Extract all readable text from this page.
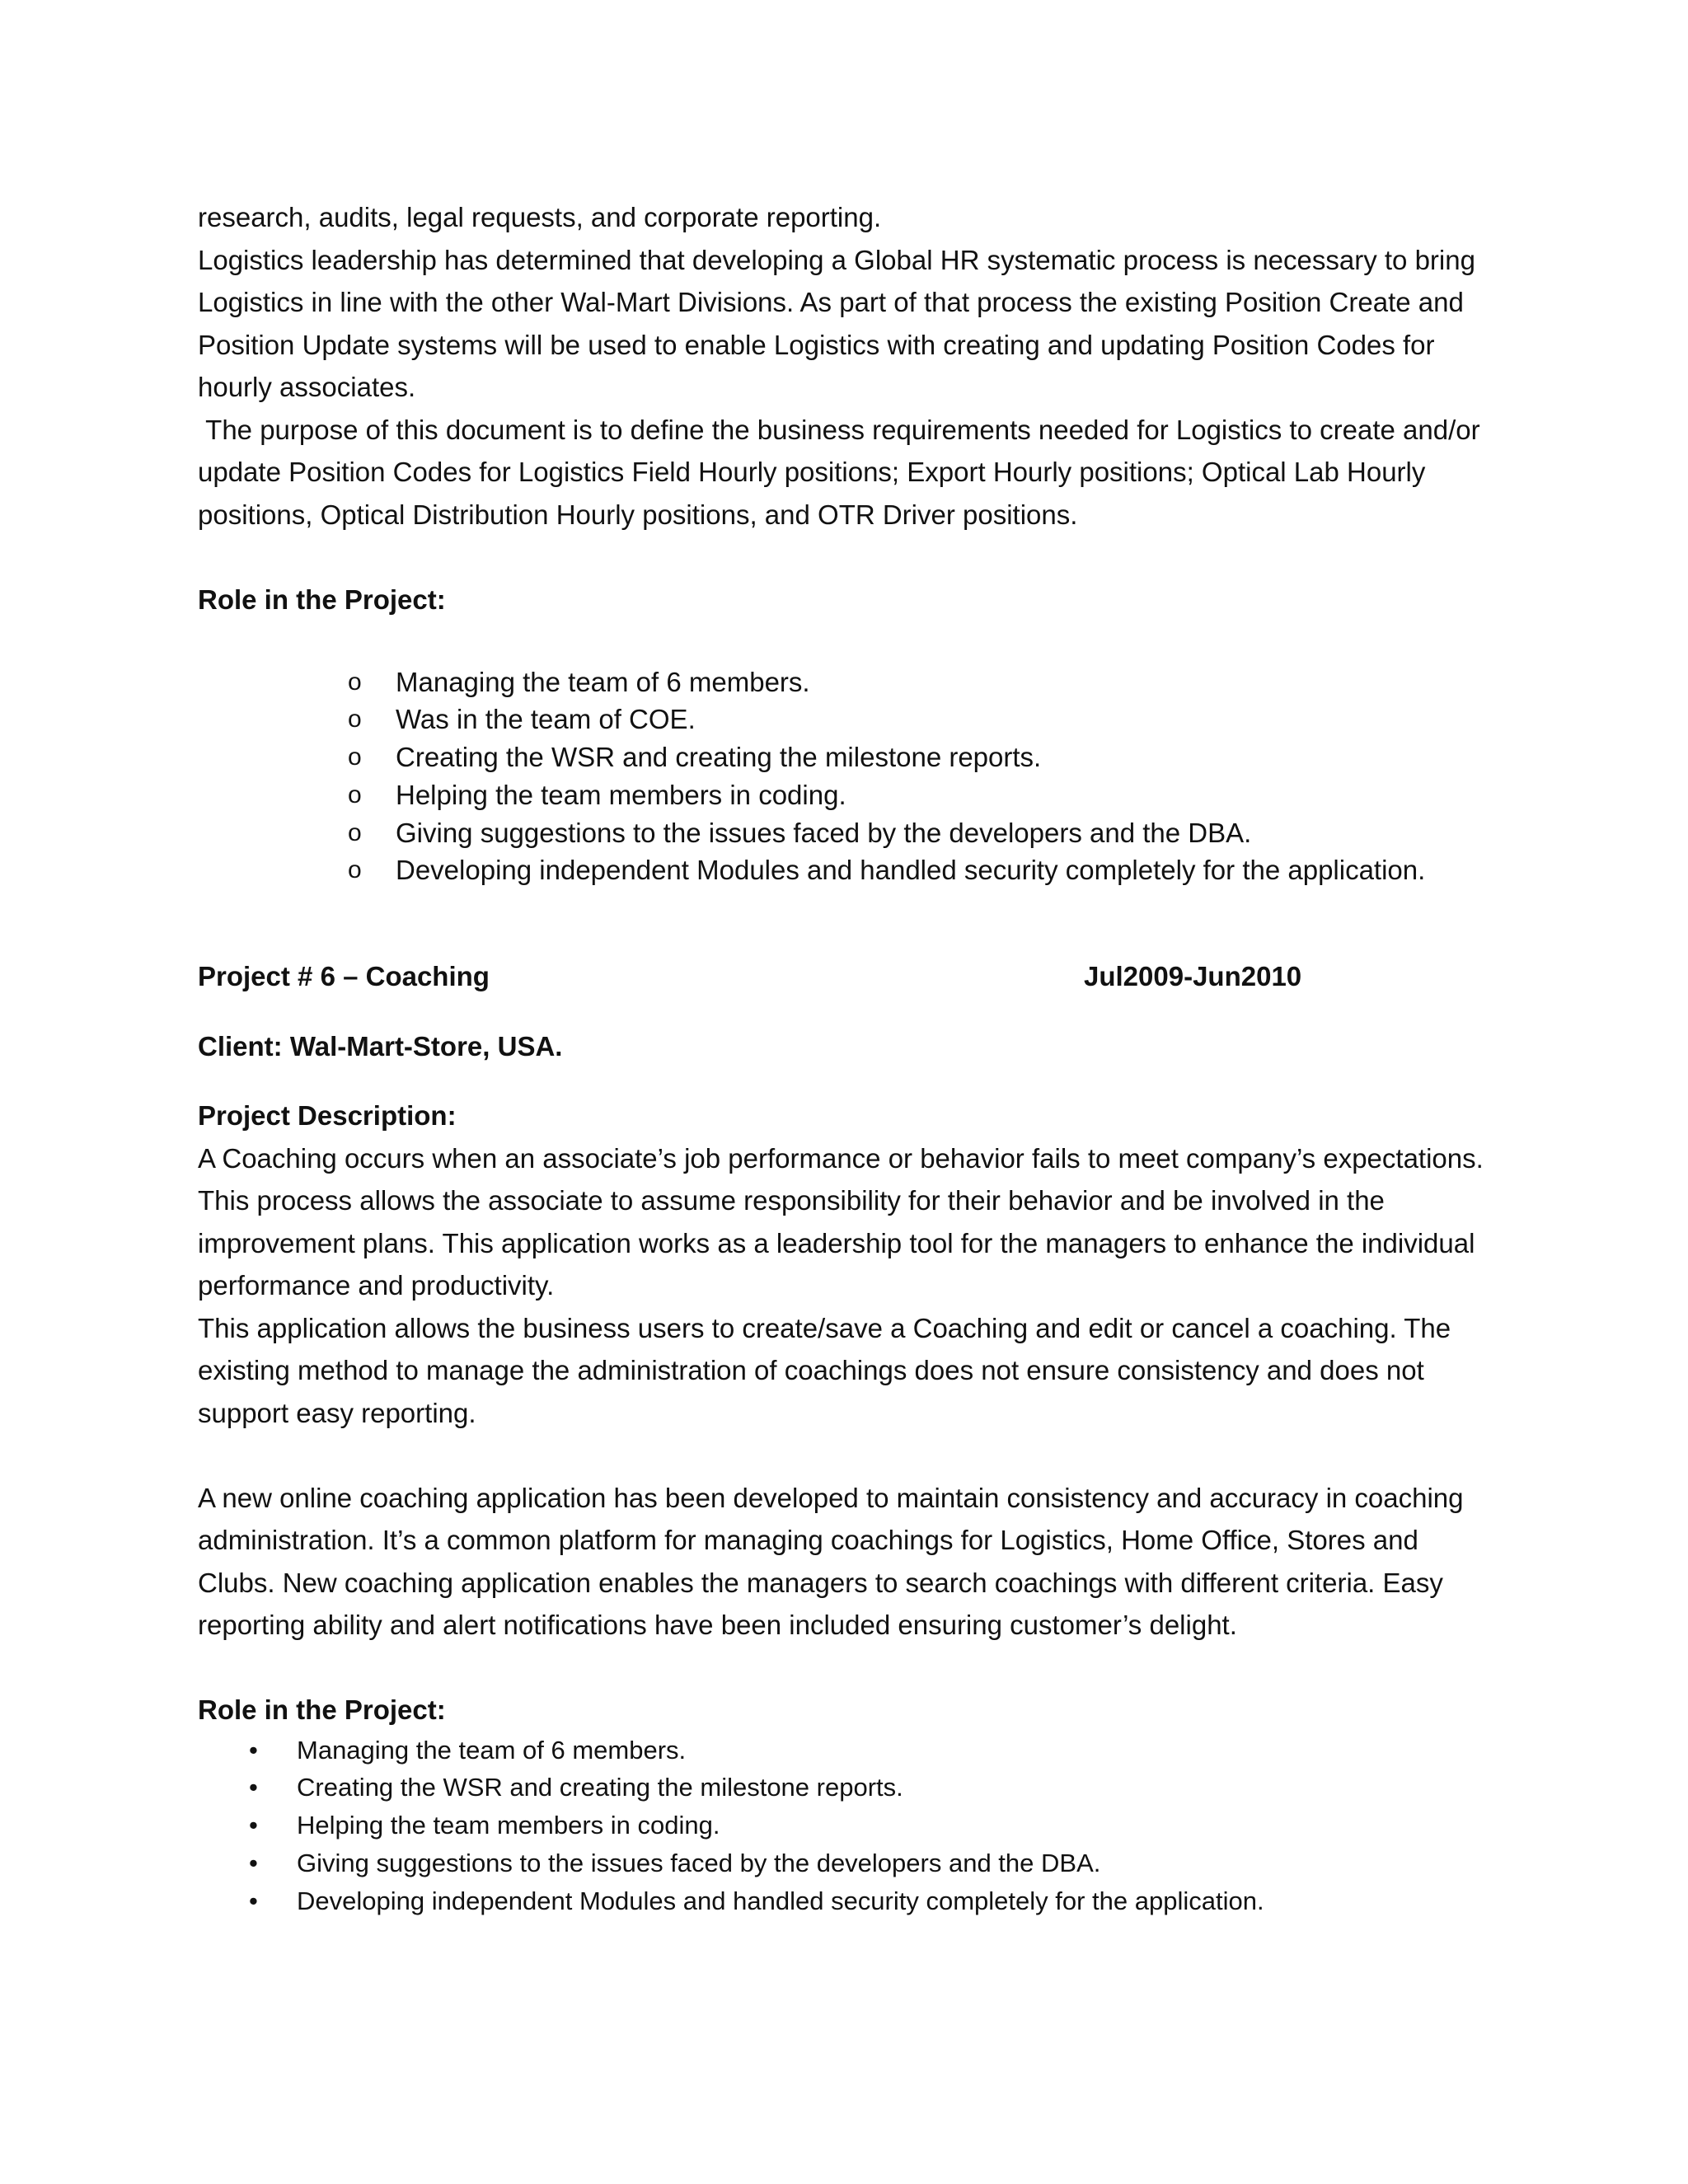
research, audits, legal requests, and corporate reporting.

Logistics leadership has determined that developing a Global HR systematic process is necessary to bring Logistics in line with the other Wal-Mart Divisions. As part of that process the existing Position Create and Position Update systems will be used to enable Logistics with creating and updating Position Codes for hourly associates.

The purpose of this document is to define the business requirements needed for Logistics to create and/or update Position Codes for Logistics Field Hourly positions; Export Hourly positions; Optical Lab Hourly positions, Optical Distribution Hourly positions, and OTR Driver positions.

Role in the Project:

o Managing the team of 6 members.
o Was in the team of COE.
o Creating the WSR and creating the milestone reports.
o Helping the team members in coding.
o Giving suggestions to the issues faced by the developers and the DBA.
o Developing independent Modules and handled security completely for the application.
Project # 6 – Coaching	Jul2009-Jun2010

Client: Wal-Mart-Store, USA.

Project Description:

A Coaching occurs when an associate’s job performance or behavior fails to meet company’s expectations. This process allows the associate to assume responsibility for their behavior and be involved in the improvement plans. This application works as a leadership tool for the managers to enhance the individual performance and productivity.

This application allows the business users to create/save a Coaching and edit or cancel a coaching. The existing method to manage the administration of coachings does not ensure consistency and does not support easy reporting.

A new online coaching application has been developed to maintain consistency and accuracy in coaching administration. It’s a common platform for managing coachings for Logistics, Home Office, Stores and Clubs. New coaching application enables the managers to search coachings with different criteria. Easy reporting ability and alert notifications have been included ensuring customer’s delight.

Role in the Project:

• Managing the team of 6 members.
• Creating the WSR and creating the milestone reports.
• Helping the team members in coding.
• Giving suggestions to the issues faced by the developers and the DBA.
• Developing independent Modules and handled security completely for the application.
